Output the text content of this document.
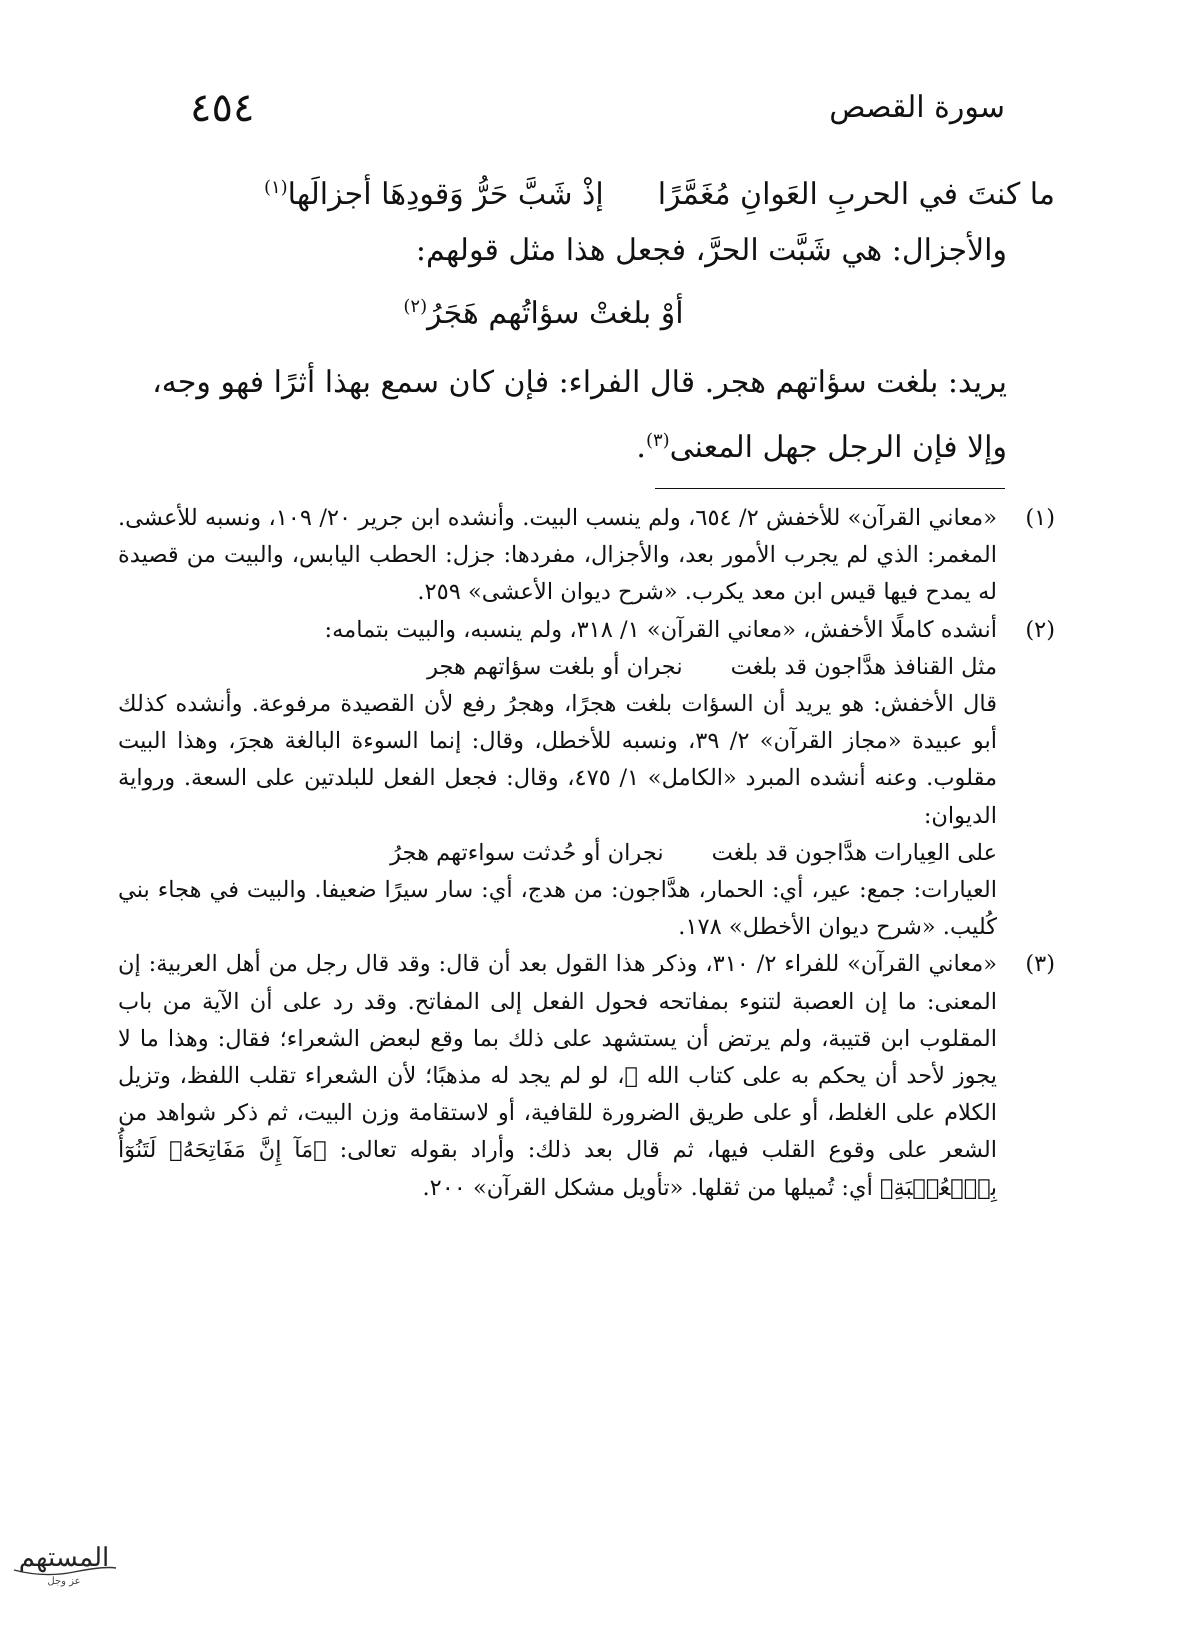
٤٥٤	سورة القصص
ما كنتَ في الحربِ العَوانِ مُغَمَّرًاإذْ شَبَّ حَرُّ وَقودِهَا أجزالَها$^{(١)}$
والأجزال: هي شَبَّت الحرَّ، فجعل هذا مثل قولهم:
أوْ بلغتْ سؤاتُهم هَجَرُ$^{(٢)}$
يريد: بلغت سؤاتهم هجر. قال الفراء: فإن كان سمع بهذا أثرًا فهو وجه، وإلا فإن الرجل جهل المعنى$^{(٣)}$.
(١)
«معاني القرآن» للأخفش ٢/ ٦٥٤، ولم ينسب البيت. وأنشده ابن جرير ٢٠/ ١٠٩، ونسبه للأعشى. المغمر: الذي لم يجرب الأمور بعد، والأجزال، مفردها: جزل: الحطب اليابس، والبيت من قصيدة له يمدح فيها قيس ابن معد يكرب. «شرح ديوان الأعشى» ٢٥٩.
(٢)
أنشده كاملًا الأخفش، «معاني القرآن» ١/ ٣١٨، ولم ينسبه، والبيت بتمامه:
مثل القنافذ هدَّاجون قد بلغتنجران أو بلغت سؤاتهم هجر
قال الأخفش: هو يريد أن السؤات بلغت هجرًا، وهجرُ رفع لأن القصيدة مرفوعة. وأنشده كذلك أبو عبيدة «مجاز القرآن» ٢/ ٣٩، ونسبه للأخطل، وقال: إنما السوءة البالغة هجرَ، وهذا البيت مقلوب. وعنه أنشده المبرد «الكامل» ١/ ٤٧٥، وقال: فجعل الفعل للبلدتين على السعة. ورواية الديوان:
على العِيارات هدَّاجون قد بلغتنجران أو حُدثت سواءتهم هجرُ
العيارات: جمع: عير، أي: الحمار، هدَّاجون: من هدج، أي: سار سيرًا ضعيفا. والبيت في هجاء بني كُليب. «شرح ديوان الأخطل» ١٧٨.
(٣)
«معاني القرآن» للفراء ٢/ ٣١٠، وذكر هذا القول بعد أن قال: وقد قال رجل من أهل العربية: إن المعنى: ما إن العصبة لتنوء بمفاتحه فحول الفعل إلى المفاتح. وقد رد على أن الآية من باب المقلوب ابن قتيبة، ولم يرتض أن يستشهد على ذلك بما وقع لبعض الشعراء؛ فقال: وهذا ما لا يجوز لأحد أن يحكم به على كتاب الله ﷻ، لو لم يجد له مذهبًا؛ لأن الشعراء تقلب اللفظ، وتزيل الكلام على الغلط، أو على طريق الضرورة للقافية، أو لاستقامة وزن البيت، ثم ذكر شواهد من الشعر على وقوع القلب فيها، ثم قال بعد ذلك: وأراد بقوله تعالى: ﴿مَآ إِنَّ مَفَاتِحَهُۥ لَتَنُوٓأُ بِٱلۡعُصۡبَةِ﴾ أي: تُميلها من ثقلها. «تأويل مشكل القرآن» ٢٠٠.
المستهم
عز وجل
